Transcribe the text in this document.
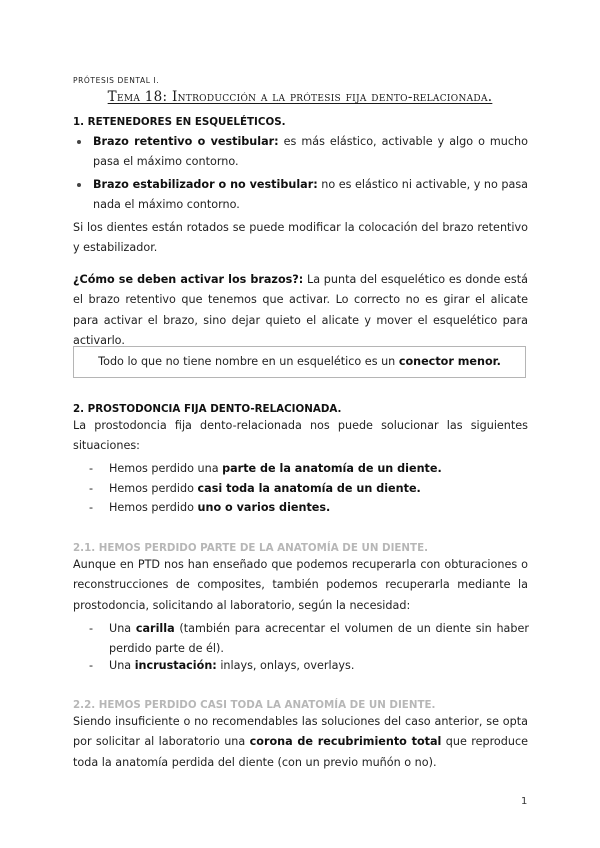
PRÓTESIS DENTAL I.
Tema 18: Introducción a la prótesis fija dento-relacionada.
1. RETENEDORES EN ESQUELÉTICOS.
Brazo retentivo o vestibular: es más elástico, activable y algo o mucho pasa el máximo contorno.
Brazo estabilizador o no vestibular: no es elástico ni activable, y no pasa nada el máximo contorno.
Si los dientes están rotados se puede modificar la colocación del brazo retentivo y estabilizador.
¿Cómo se deben activar los brazos?: La punta del esquelético es donde está el brazo retentivo que tenemos que activar. Lo correcto no es girar el alicate para activar el brazo, sino dejar quieto el alicate y mover el esquelético para activarlo.
Todo lo que no tiene nombre en un esquelético es un conector menor.
2. PROSTODONCIA FIJA DENTO-RELACIONADA.
La prostodoncia fija dento-relacionada nos puede solucionar las siguientes situaciones:
- Hemos perdido una parte de la anatomía de un diente.
- Hemos perdido casi toda la anatomía de un diente.
- Hemos perdido uno o varios dientes.
2.1. HEMOS PERDIDO PARTE DE LA ANATOMÍA DE UN DIENTE.
Aunque en PTD nos han enseñado que podemos recuperarla con obturaciones o reconstrucciones de composites, también podemos recuperarla mediante la prostodoncia, solicitando al laboratorio, según la necesidad:
- Una carilla (también para acrecentar el volumen de un diente sin haber perdido parte de él).
- Una incrustación: inlays, onlays, overlays.
2.2. HEMOS PERDIDO CASI TODA LA ANATOMÍA DE UN DIENTE.
Siendo insuficiente o no recomendables las soluciones del caso anterior, se opta por solicitar al laboratorio una corona de recubrimiento total que reproduce toda la anatomía perdida del diente (con un previo muñón o no).
1
